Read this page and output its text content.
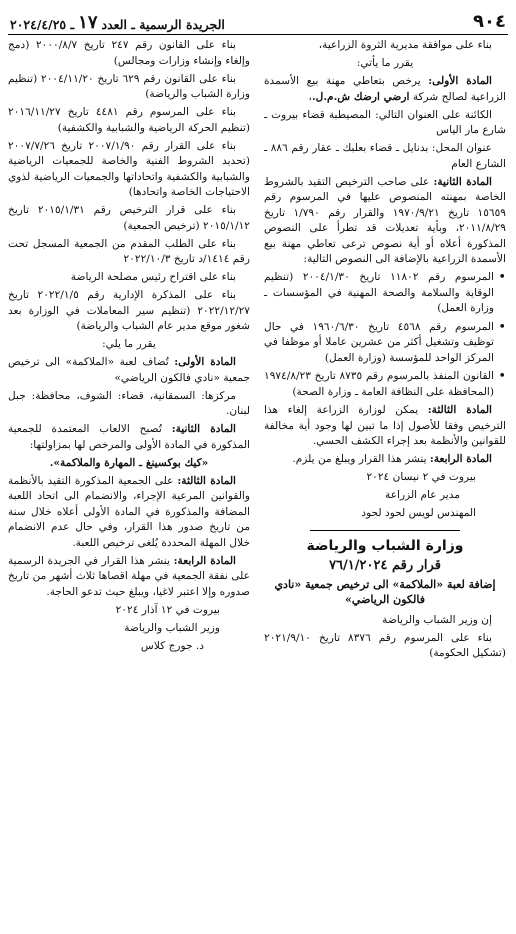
٩٠٤
الجريدة الرسمية ـ العدد
١٧
ـ ٢٠٢٤/٤/٢٥

بناء على موافقة مديرية الثروة الزراعية،

يقرر ما يأتي:

المادة الأولى: يرخص بتعاطي مهنة بيع الأسمدة الزراعية لصالح شركة ارضي ارضك ش.م.ل.،

الكائنة على العنوان التالي: المصيطبة قضاء بيروت ـ شارع مار الياس

عنوان المحل: بدنايل ـ قضاء بعلبك ـ عقار رقم ٨٨٦ ـ الشارع العام

المادة الثانية: على صاحب الترخيص التقيد بالشروط الخاصة بمهنته المنصوص عليها في المرسوم رقم ١٥٦٥٩ تاريخ ١٩٧٠/٩/٢١ والقرار رقم ١/٧٩٠ تاريخ ٢٠١١/٨/٢٩، وبأية تعديلات قد تطرأ على النصوص المذكورة أعلاه أو أية نصوص ترعى تعاطي مهنة بيع الأسمدة الزراعية بالإضافة الى النصوص التالية:

• المرسوم رقم ١١٨٠٢ تاريخ ٢٠٠٤/١/٣٠ (تنظيم الوقاية والسلامة والصحة المهنية في المؤسسات ـ وزارة العمل)
• المرسوم رقم ٤٥٦٨ تاريخ ١٩٦٠/٦/٣٠ في حال توظيف وتشغيل أكثر من عشرين عاملا أو موظفا في المركز الواحد للمؤسسة (وزارة العمل)
• القانون المنفذ بالمرسوم رقم ٨٧٣٥ تاريخ ١٩٧٤/٨/٢٣ (المحافظة على النظافة العامة ـ وزارة الصحة)

المادة الثالثة: يمكن لوزارة الزراعة إلغاء هذا الترخيص وفقا للأصول إذا ما تبين لها وجود أية مخالفة للقوانين والأنظمة بعد إجراء الكشف الحسي.

المادة الرابعة: ينشر هذا القرار ويبلغ من يلزم.

بيروت في ٢ نيسان ٢٠٢٤

مدير عام الزراعة

المهندس لويس لحود لحود

وزارة الشباب والرياضة
قرار رقم ٧٦/١/٢٠٢٤
إضافة لعبة «الملاكمة» الى ترخيص جمعية «نادي فالكون الرياضي»

إن وزير الشباب والرياضة

بناء على المرسوم رقم ٨٣٧٦ تاريخ ٢٠٢١/٩/١٠ (تشكيل الحكومة)

بناء على القانون رقم ٢٤٧ تاريخ ٢٠٠٠/٨/٧ (دمج وإلغاء وإنشاء وزارات ومجالس)

بناء على القانون رقم ٦٢٩ تاريخ ٢٠٠٤/١١/٢٠ (تنظيم وزارة الشباب والرياضة)

بناء على المرسوم رقم ٤٤٨١ تاريخ ٢٠١٦/١١/٢٧ (تنظيم الحركة الرياضية والشبابية والكشفية)

بناء على القرار رقم ٢٠٠٧/١/٩٠ تاريخ ٢٠٠٧/٧/٢٦ (تحديد الشروط الفنية والخاصة للجمعيات الرياضية والشبابية والكشفية واتحاداتها والجمعيات الرياضية لذوي الاحتياجات الخاصة واتحادها)

بناء على قرار الترخيص رقم ٢٠١٥/١/٣١ تاريخ ٢٠١٥/١/١٢ (ترخيص الجمعية)

بناء على الطلب المقدم من الجمعية المسجل تحت رقم ١٤١٤/د تاريخ ٢٠٢٢/١٠/٣

بناء على اقتراح رئيس مصلحة الرياضة

بناء على المذكرة الإدارية رقم ٢٠٢٢/١/٥ تاريخ ٢٠٢٢/١٢/٢٧ (تنظيم سير المعاملات في الوزارة بعد شغور موقع مدير عام الشباب والرياضة)

يقرر ما يلي:

المادة الأولى: تُضاف لعبة «الملاكمة» الى ترخيص جمعية «نادي فالكون الرياضي»

مركزها: السمقانية، قضاء: الشوف، محافظة: جبل لبنان.

المادة الثانية: تُصبح الالعاب المعتمدة للجمعية المذكورة في المادة الأولى والمرخص لها بمزاولتها:

«كيك بوكسينغ ـ المهارة والملاكمة».

المادة الثالثة: على الجمعية المذكورة التقيد بالأنظمة والقوانين المرعية الإجراء، والانضمام الى اتحاد اللعبة المضافة والمذكورة في المادة الأولى أعلاه خلال سنة من تاريخ صدور هذا القرار، وفي حال عدم الانضمام خلال المهلة المحددة يُلغى ترخيص اللعبة.

المادة الرابعة: ينشر هذا القرار في الجريدة الرسمية على نفقة الجمعية في مهلة اقصاها ثلاث أشهر من تاريخ صدوره وإلا اعتبر لاغيا، ويبلغ حيث تدعو الحاجة.

بيروت في ١٢ آذار ٢٠٢٤

وزير الشباب والرياضة

د. جورج كلاس
